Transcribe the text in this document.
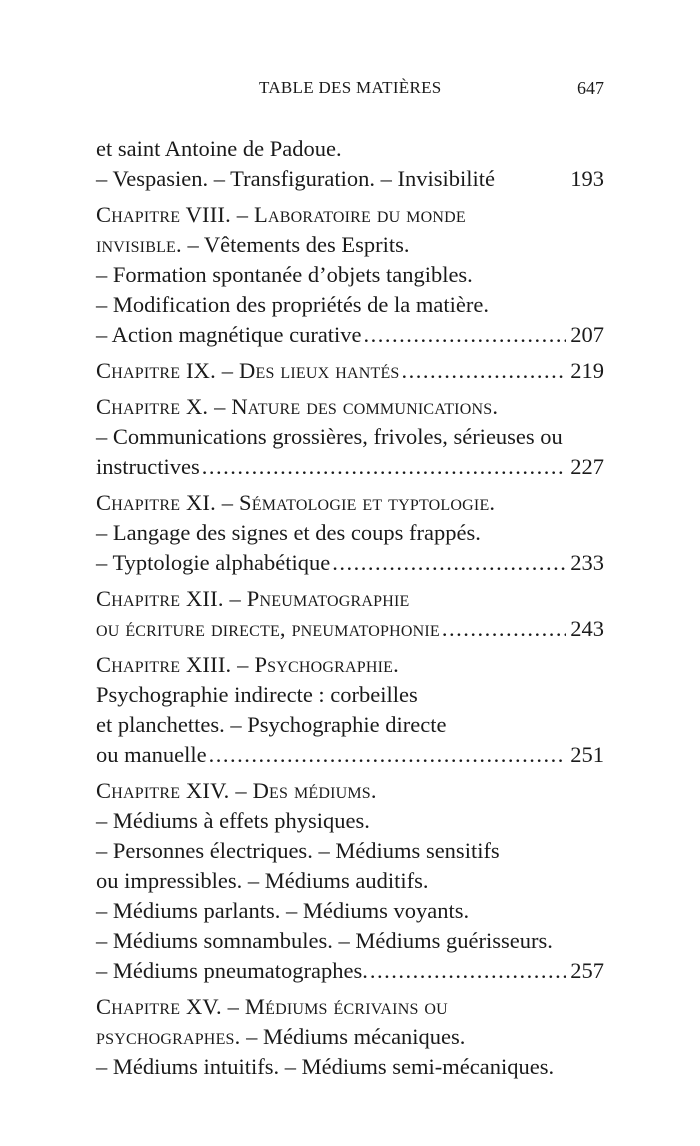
TABLE DES MATIÈRES	647
et saint Antoine de Padoue.
– Vespasien. – Transfiguration. – Invisibilité	193
Chapitre VIII. – Laboratoire du monde
invisible. – Vêtements des Esprits.
– Formation spontanée d’objets tangibles.
– Modification des propriétés de la matière.
– Action magnétique curative .....	207
Chapitre IX. – Des lieux hantés .....	219
Chapitre X. – Nature des communications.
– Communications grossières, frivoles, sérieuses ou
instructives .....	227
Chapitre XI. – Sématologie et typtologie.
– Langage des signes et des coups frappés.
– Typtologie alphabétique .....	233
Chapitre XII. – Pneumatographie
ou écriture directe, pneumatophonie .....	243
Chapitre XIII. – Psychographie.
Psychographie indirecte : corbeilles
et planchettes. – Psychographie directe
ou manuelle .....	251
Chapitre XIV. – Des médiums.
– Médiums à effets physiques.
– Personnes électriques. – Médiums sensitifs
ou impressibles. – Médiums auditifs.
– Médiums parlants. – Médiums voyants.
– Médiums somnambules. – Médiums guérisseurs.
– Médiums pneumatographes. .....	257
Chapitre XV. – Médiums écrivains ou
psychographes. – Médiums mécaniques.
– Médiums intuitifs. – Médiums semi-mécaniques.
